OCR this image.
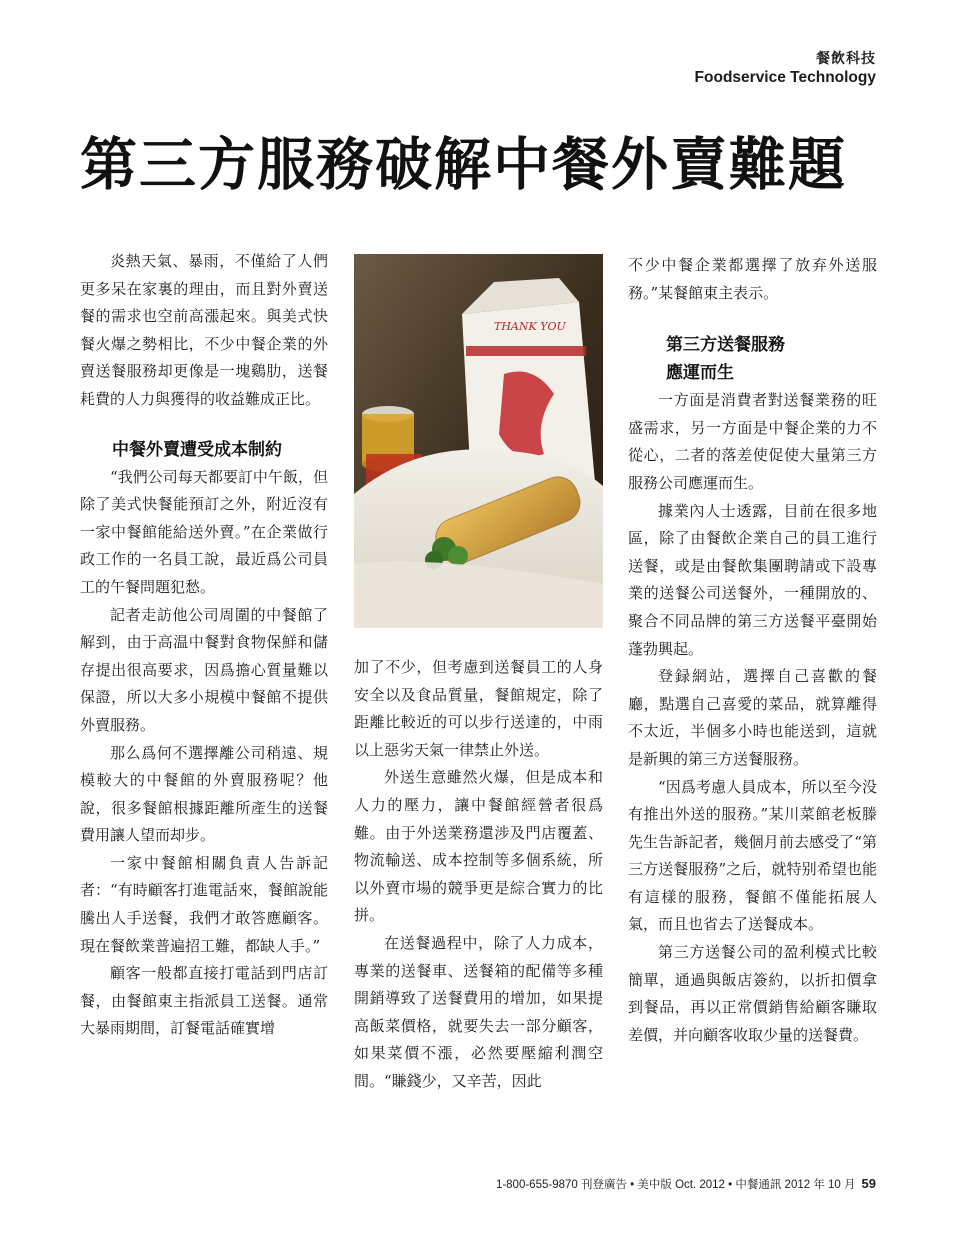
餐飲科技
Foodservice Technology
第三方服務破解中餐外賣難題

炎熱天氣、暴雨，不僅給了人們更多呆在家裏的理由，而且對外賣送餐的需求也空前高漲起來。與美式快餐火爆之勢相比，不少中餐企業的外賣送餐服務却更像是一塊鷄肋，送餐耗費的人力與獲得的收益難成正比。

中餐外賣遭受成本制約

“我們公司每天都要訂中午飯，但除了美式快餐能預訂之外，附近沒有一家中餐館能給送外賣。”在企業做行政工作的一名員工說，最近爲公司員工的午餐問題犯愁。

記者走訪他公司周圍的中餐館了解到，由于高温中餐對食物保鮮和儲存提出很高要求，因爲擔心質量難以保證，所以大多小規模中餐館不提供外賣服務。

那么爲何不選擇離公司稍遠、規模較大的中餐館的外賣服務呢？他說，很多餐館根據距離所產生的送餐費用讓人望而却步。

一家中餐館相關負責人告訴記者：“有時顧客打進電話來，餐館說能騰出人手送餐，我們才敢答應顧客。現在餐飲業普遍招工難，都缺人手。”

顧客一般都直接打電話到門店訂餐，由餐館東主指派員工送餐。通常大暴雨期間，訂餐電話確實增

THANK YOU

加了不少，但考慮到送餐員工的人身安全以及食品質量，餐館規定，除了距離比較近的可以步行送達的，中雨以上惡劣天氣一律禁止外送。

外送生意雖然火爆，但是成本和人力的壓力，讓中餐館經營者很爲難。由于外送業務還涉及門店覆蓋、物流輸送、成本控制等多個系統，所以外賣市場的競爭更是綜合實力的比拼。

在送餐過程中，除了人力成本，專業的送餐車、送餐箱的配備等多種開銷導致了送餐費用的增加，如果提高飯菜價格，就要失去一部分顧客，如果菜價不漲，必然要壓縮利潤空間。“賺錢少，又辛苦，因此

不少中餐企業都選擇了放弃外送服務。”某餐館東主表示。

第三方送餐服務
應運而生

一方面是消費者對送餐業務的旺盛需求，另一方面是中餐企業的力不從心，二者的落差使促使大量第三方服務公司應運而生。

據業內人士透露，目前在很多地區，除了由餐飲企業自己的員工進行送餐，或是由餐飲集團聘請或下設專業的送餐公司送餐外，一種開放的、聚合不同品牌的第三方送餐平臺開始蓬勃興起。

登録網站，選擇自己喜歡的餐廳，點選自己喜愛的菜品，就算離得不太近，半個多小時也能送到，這就是新興的第三方送餐服務。

“因爲考慮人員成本，所以至今没有推出外送的服務。”某川菜館老板滕先生告訴記者，幾個月前去感受了“第三方送餐服務”之后，就特别希望也能有這樣的服務，餐館不僅能拓展人氣，而且也省去了送餐成本。

第三方送餐公司的盈利模式比較簡單，通過與飯店簽約，以折扣價拿到餐品，再以正常價銷售給顧客賺取差價，并向顧客收取少量的送餐費。

1-800-655-9870 刊登廣告 • 美中版 Oct. 2012 • 中餐通訊 2012 年 10 月 59
